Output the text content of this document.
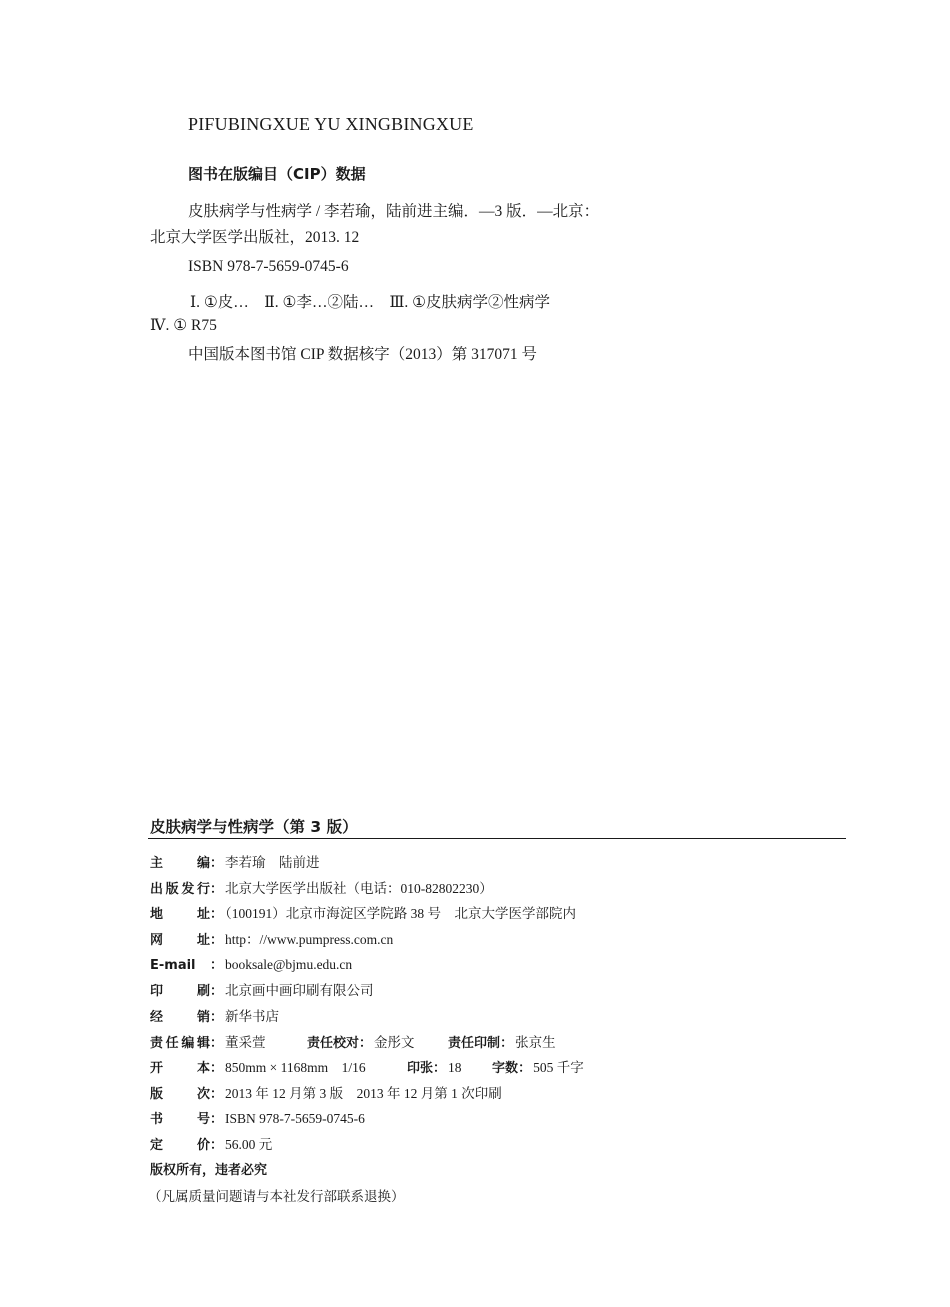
PIFUBINGXUE YU XINGBINGXUE
图书在版编目（CIP）数据
皮肤病学与性病学 / 李若瑜，陆前进主编．—3 版．—北京：
北京大学医学出版社，2013. 12
ISBN 978-7-5659-0745-6
Ⅰ. ①皮…　Ⅱ. ①李…②陆…　Ⅲ. ①皮肤病学②性病学
Ⅳ. ① R75
中国版本图书馆 CIP 数据核字（2013）第 317071 号
皮肤病学与性病学（第 3 版）
主　　编： 李若瑜　陆前进
出版发行： 北京大学医学出版社（电话：010-82802230）
地　　址： （100191）北京市海淀区学院路 38 号　北京大学医学部院内
网　　址： http：//www.pumpress.com.cn
E-mail ： booksale@bjmu.edu.cn
印　　刷： 北京画中画印刷有限公司
经　　销： 新华书店
责任编辑： 董采萱	责任校对： 金彤文	责任印制： 张京生
开　　本： 850mm × 1168mm　1/16	印张： 18 字数： 505 千字
版　　次： 2013 年 12 月第 3 版　2013 年 12 月第 1 次印刷
书　　号： ISBN 978-7-5659-0745-6
定　　价： 56.00 元
版权所有，违者必究
（凡属质量问题请与本社发行部联系退换）
